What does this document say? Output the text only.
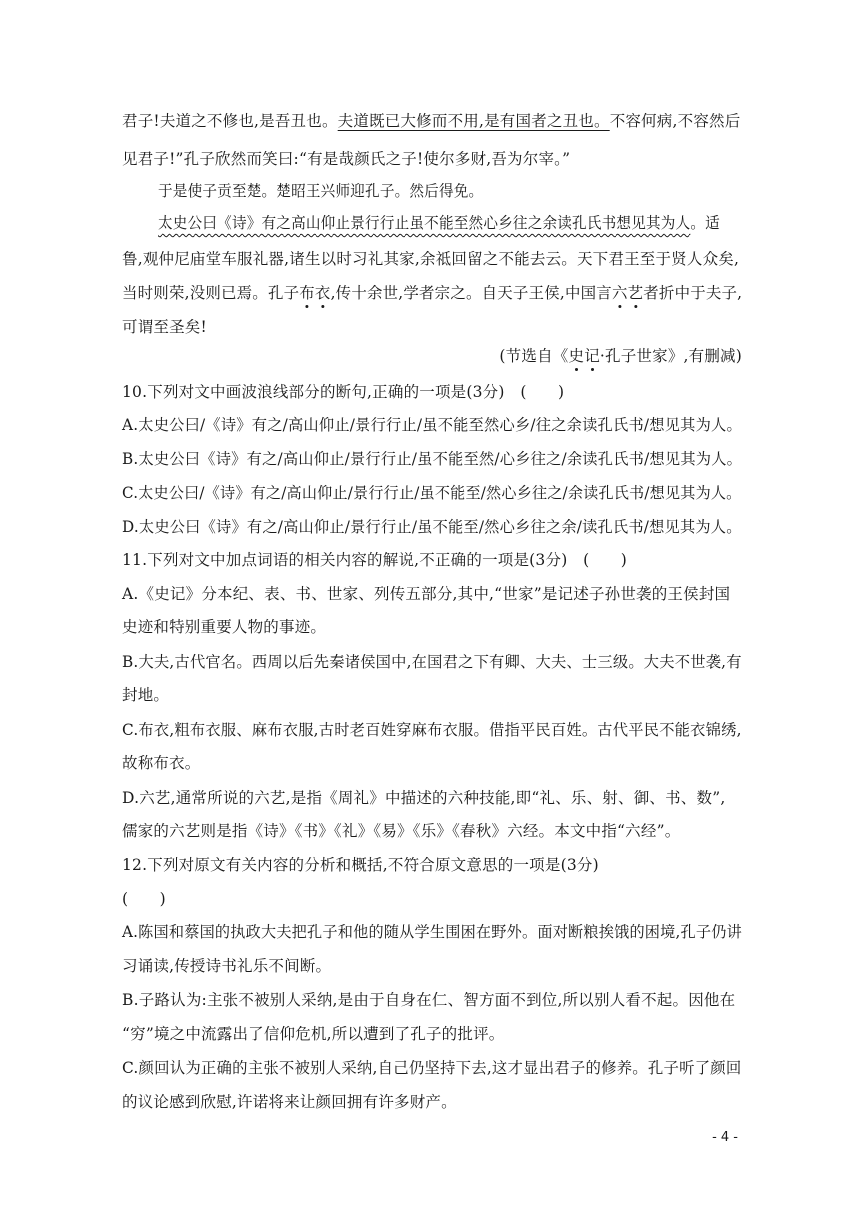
君子!夫道之不修也,是吾丑也。夫道既已大修而不用,是有国者之丑也。不容何病,不容然后
见君子!”孔子欣然而笑曰:“有是哉颜氏之子!使尔多财,吾为尔宰。”
于是使子贡至楚。楚昭王兴师迎孔子。然后得免。
太史公曰《诗》有之高山仰止景行行止虽不能至然心乡往之余读孔氏书想见其为人。适
鲁,观仲尼庙堂车服礼器,诸生以时习礼其家,余祗回留之不能去云。天下君王至于贤人众矣,
当时则荣,没则已焉。孔子布衣,传十余世,学者宗之。自天子王侯,中国言六艺者折中于夫子,
可谓至圣矣!
(节选自《史记·孔子世家》,有删减)
10.下列对文中画波浪线部分的断句,正确的一项是(3分)　(　　)
A.太史公曰/《诗》有之/高山仰止/景行行止/虽不能至然心乡/往之余读孔氏书/想见其为人。
B.太史公曰《诗》有之/高山仰止/景行行止/虽不能至然/心乡往之/余读孔氏书/想见其为人。
C.太史公曰/《诗》有之/高山仰止/景行行止/虽不能至/然心乡往之/余读孔氏书/想见其为人。
D.太史公曰《诗》有之/高山仰止/景行行止/虽不能至/然心乡往之余/读孔氏书/想见其为人。
11.下列对文中加点词语的相关内容的解说,不正确的一项是(3分)　(　　)
A.《史记》分本纪、表、书、世家、列传五部分,其中,“世家”是记述子孙世袭的王侯封国
史迹和特别重要人物的事迹。
B.大夫,古代官名。西周以后先秦诸侯国中,在国君之下有卿、大夫、士三级。大夫不世袭,有
封地。
C.布衣,粗布衣服、麻布衣服,古时老百姓穿麻布衣服。借指平民百姓。古代平民不能衣锦绣,
故称布衣。
D.六艺,通常所说的六艺,是指《周礼》中描述的六种技能,即“礼、乐、射、御、书、数”,
儒家的六艺则是指《诗》《书》《礼》《易》《乐》《春秋》六经。本文中指“六经”。
12.下列对原文有关内容的分析和概括,不符合原文意思的一项是(3分)
(　　)
A.陈国和蔡国的执政大夫把孔子和他的随从学生围困在野外。面对断粮挨饿的困境,孔子仍讲
习诵读,传授诗书礼乐不间断。
B.子路认为:主张不被别人采纳,是由于自身在仁、智方面不到位,所以别人看不起。因他在
“穷”境之中流露出了信仰危机,所以遭到了孔子的批评。
C.颜回认为正确的主张不被别人采纳,自己仍坚持下去,这才显出君子的修养。孔子听了颜回
的议论感到欣慰,许诺将来让颜回拥有许多财产。
- 4 -
